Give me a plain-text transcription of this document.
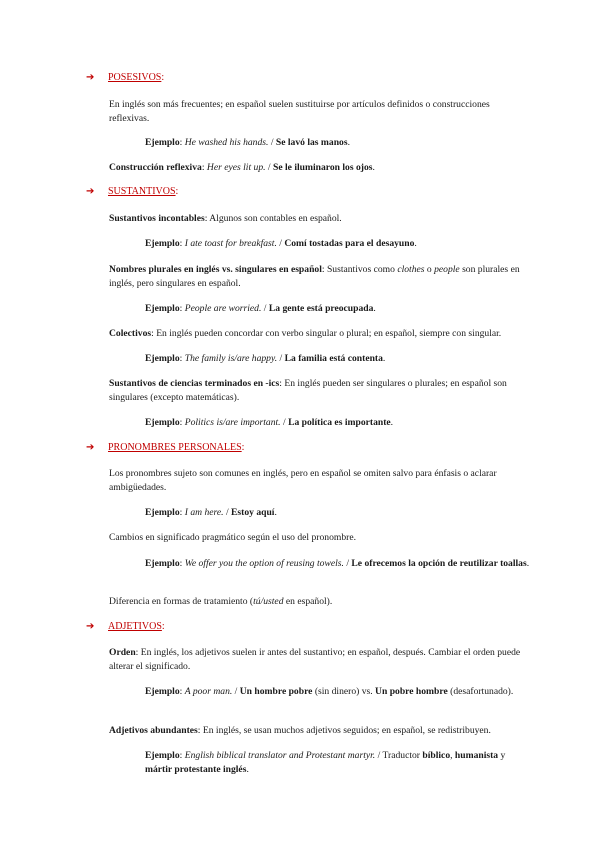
➔ POSESIVOS:
En inglés son más frecuentes; en español suelen sustituirse por artículos definidos o construcciones reflexivas.
Ejemplo: He washed his hands. / Se lavó las manos.
Construcción reflexiva: Her eyes lit up. / Se le iluminaron los ojos.
➔ SUSTANTIVOS:
Sustantivos incontables: Algunos son contables en español.
Ejemplo: I ate toast for breakfast. / Comí tostadas para el desayuno.
Nombres plurales en inglés vs. singulares en español: Sustantivos como clothes o people son plurales en inglés, pero singulares en español.
Ejemplo: People are worried. / La gente está preocupada.
Colectivos: En inglés pueden concordar con verbo singular o plural; en español, siempre con singular.
Ejemplo: The family is/are happy. / La familia está contenta.
Sustantivos de ciencias terminados en -ics: En inglés pueden ser singulares o plurales; en español son singulares (excepto matemáticas).
Ejemplo: Politics is/are important. / La política es importante.
➔ PRONOMBRES PERSONALES:
Los pronombres sujeto son comunes en inglés, pero en español se omiten salvo para énfasis o aclarar ambigüedades.
Ejemplo: I am here. / Estoy aquí.
Cambios en significado pragmático según el uso del pronombre.
Ejemplo: We offer you the option of reusing towels. / Le ofrecemos la opción de reutilizar toallas.
Diferencia en formas de tratamiento (tú/usted en español).
➔ ADJETIVOS:
Orden: En inglés, los adjetivos suelen ir antes del sustantivo; en español, después. Cambiar el orden puede alterar el significado.
Ejemplo: A poor man. / Un hombre pobre (sin dinero) vs. Un pobre hombre (desafortunado).
Adjetivos abundantes: En inglés, se usan muchos adjetivos seguidos; en español, se redistribuyen.
Ejemplo: English biblical translator and Protestant martyr. / Traductor bíblico, humanista y mártir protestante inglés.
